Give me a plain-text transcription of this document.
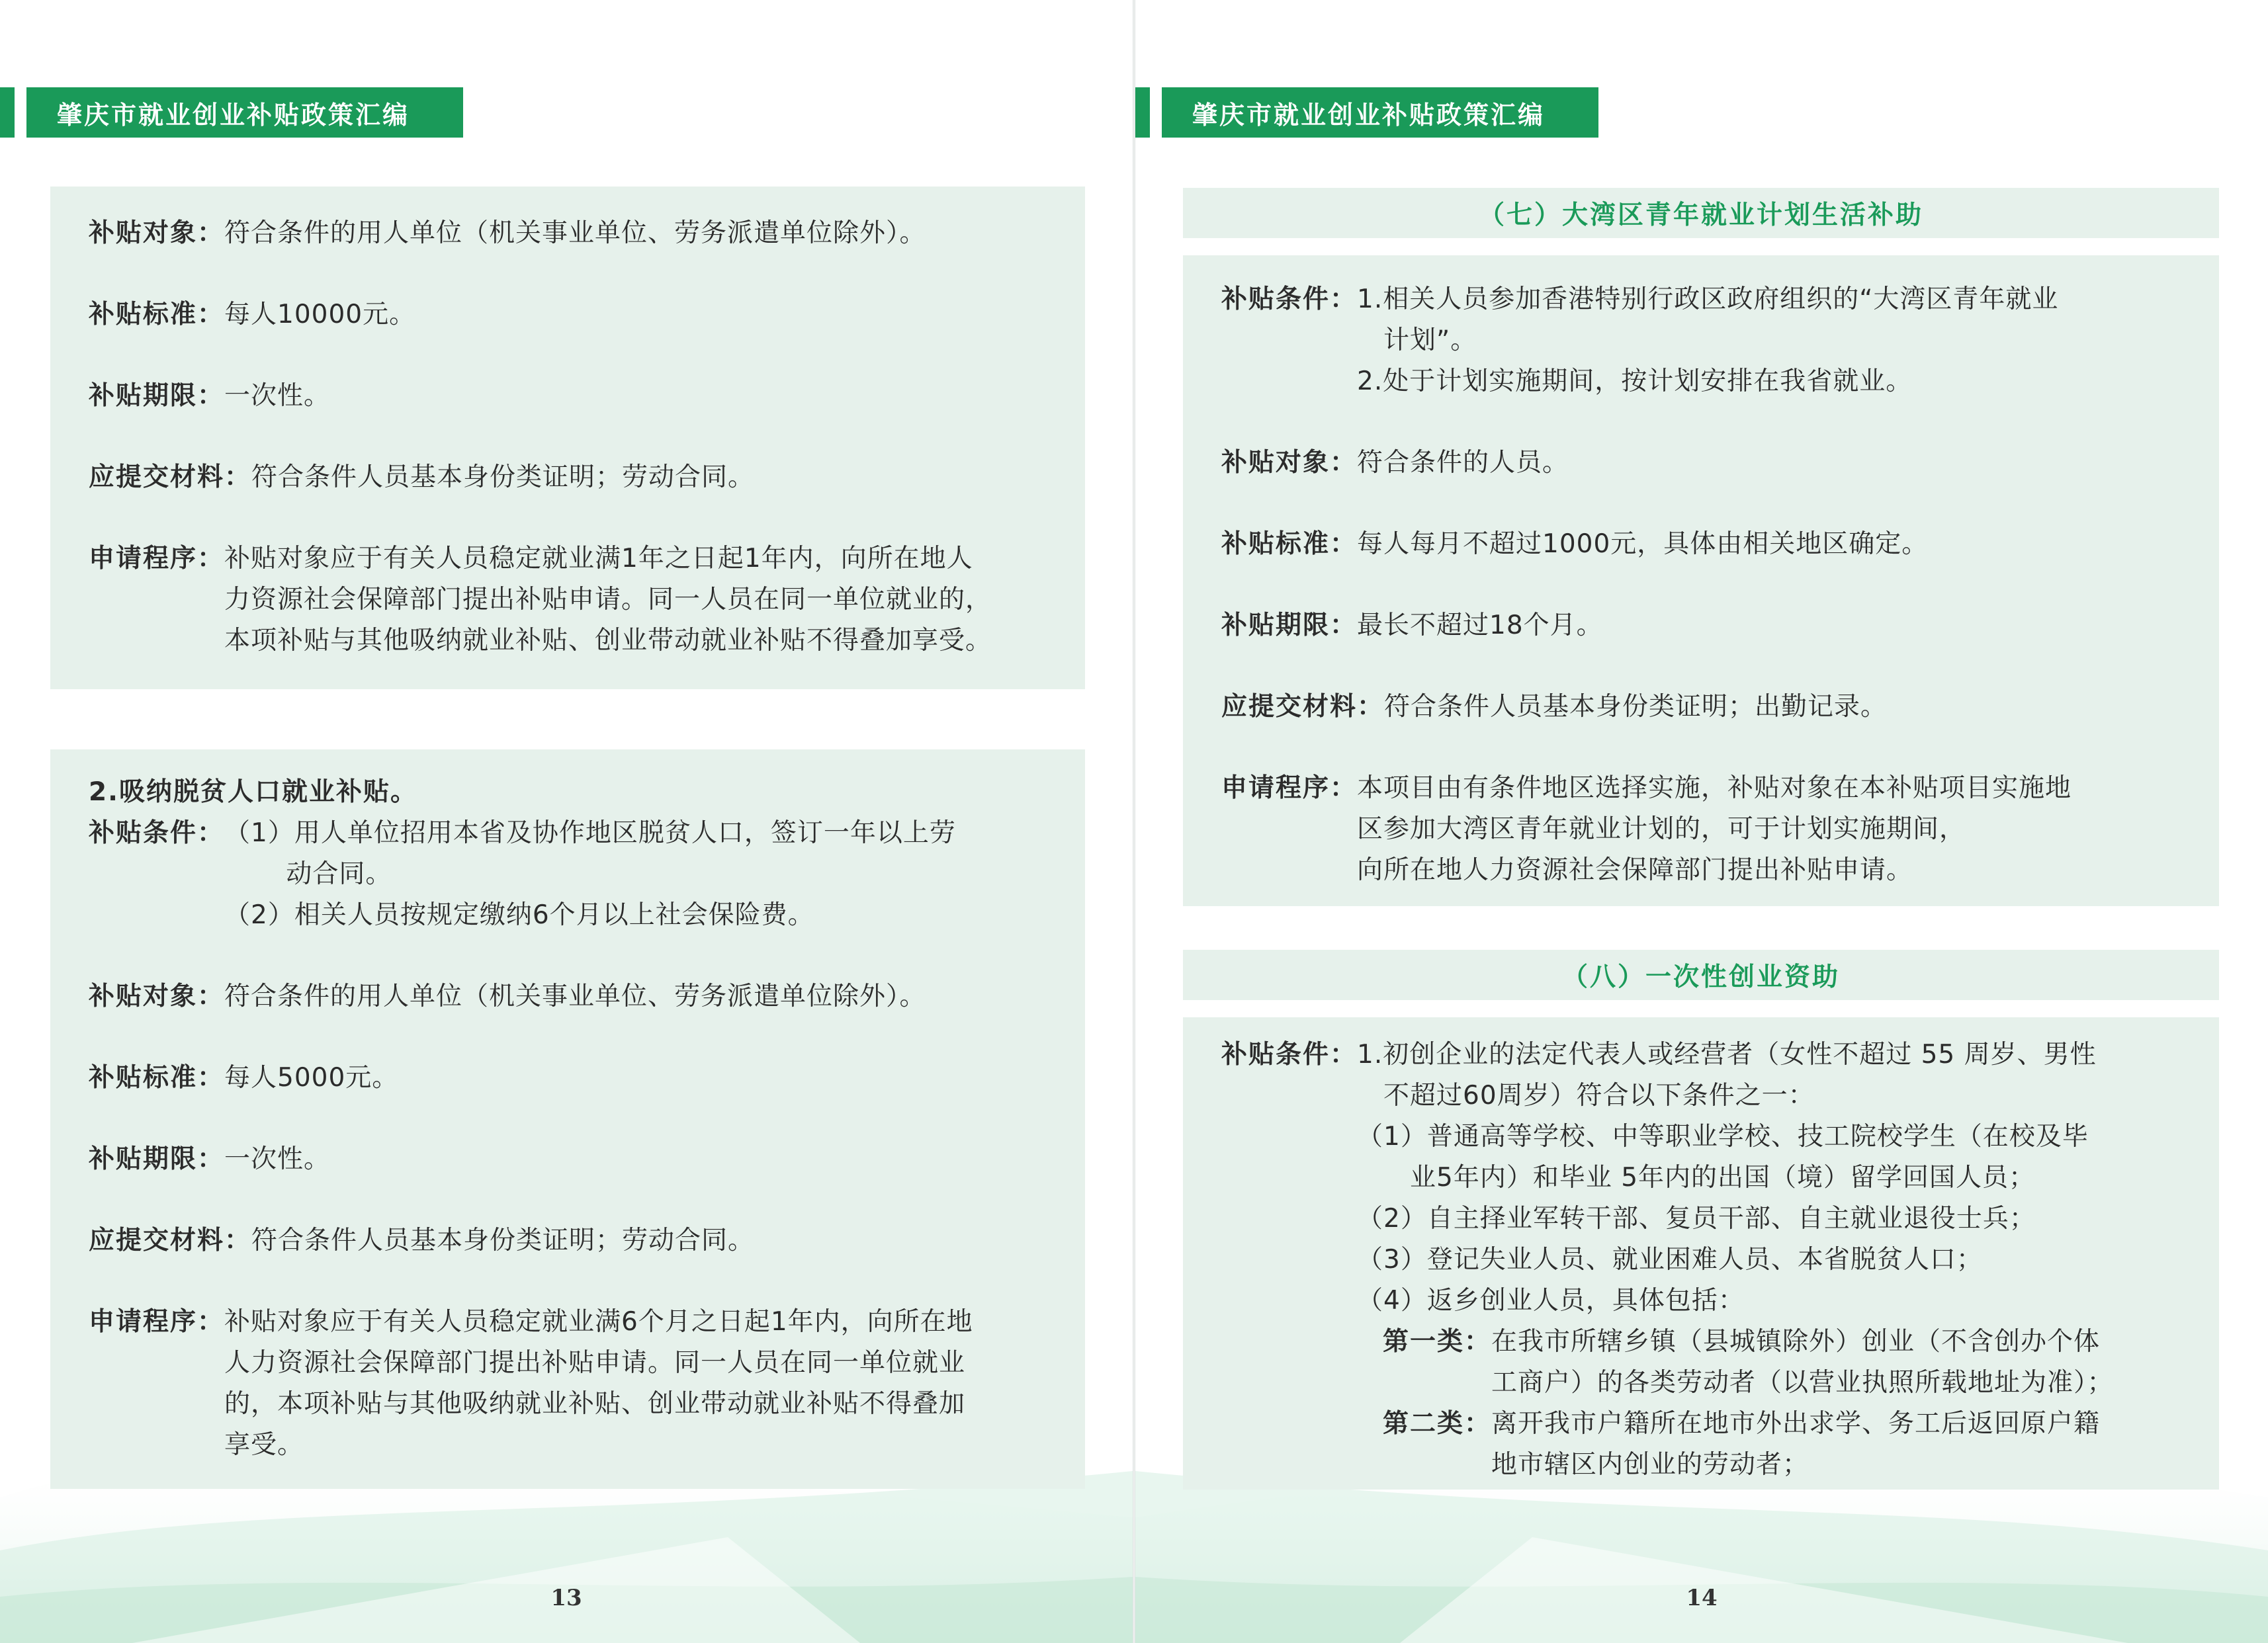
肇庆市就业创业补贴政策汇编
补贴对象： 符合条件的用人单位（机关事业单位、劳务派遣单位除外）。
补贴标准： 每人10000元。
补贴期限： 一次性。
应提交材料： 符合条件人员基本身份类证明；劳动合同。
申请程序： 补贴对象应于有关人员稳定就业满1年之日起1年内，向所在地人
力资源社会保障部门提出补贴申请。同一人员在同一单位就业的，
本项补贴与其他吸纳就业补贴、创业带动就业补贴不得叠加享受。
2.吸纳脱贫人口就业补贴。
补贴条件： （1）用人单位招用本省及协作地区脱贫人口，签订一年以上劳
　　 动合同。
（2）相关人员按规定缴纳6个月以上社会保险费。
补贴对象： 符合条件的用人单位（机关事业单位、劳务派遣单位除外）。
补贴标准： 每人5000元。
补贴期限： 一次性。
应提交材料： 符合条件人员基本身份类证明；劳动合同。
申请程序： 补贴对象应于有关人员稳定就业满6个月之日起1年内，向所在地
人力资源社会保障部门提出补贴申请。同一人员在同一单位就业
的，本项补贴与其他吸纳就业补贴、创业带动就业补贴不得叠加
享受。
13
肇庆市就业创业补贴政策汇编
（七）大湾区青年就业计划生活补助
补贴条件： 1.相关人员参加香港特别行政区政府组织的“大湾区青年就业
　计划”。
2.处于计划实施期间，按计划安排在我省就业。
补贴对象： 符合条件的人员。
补贴标准： 每人每月不超过1000元，具体由相关地区确定。
补贴期限： 最长不超过18个月。
应提交材料： 符合条件人员基本身份类证明；出勤记录。
申请程序： 本项目由有条件地区选择实施，补贴对象在本补贴项目实施地
区参加大湾区青年就业计划的，可于计划实施期间，
向所在地人力资源社会保障部门提出补贴申请。
（八）一次性创业资助
补贴条件： 1.初创企业的法定代表人或经营者（女性不超过 55 周岁、男性
　不超过60周岁）符合以下条件之一：
（1）普通高等学校、中等职业学校、技工院校学生（在校及毕
　　业5年内）和毕业 5年内的出国（境）留学回国人员；
（2）自主择业军转干部、复员干部、自主就业退役士兵；
（3）登记失业人员、就业困难人员、本省脱贫人口；
（4）返乡创业人员，具体包括：
第一类： 在我市所辖乡镇（县城镇除外）创业（不含创办个体
工商户）的各类劳动者（以营业执照所载地址为准）；
第二类： 离开我市户籍所在地市外出求学、务工后返回原户籍
地市辖区内创业的劳动者；
14
